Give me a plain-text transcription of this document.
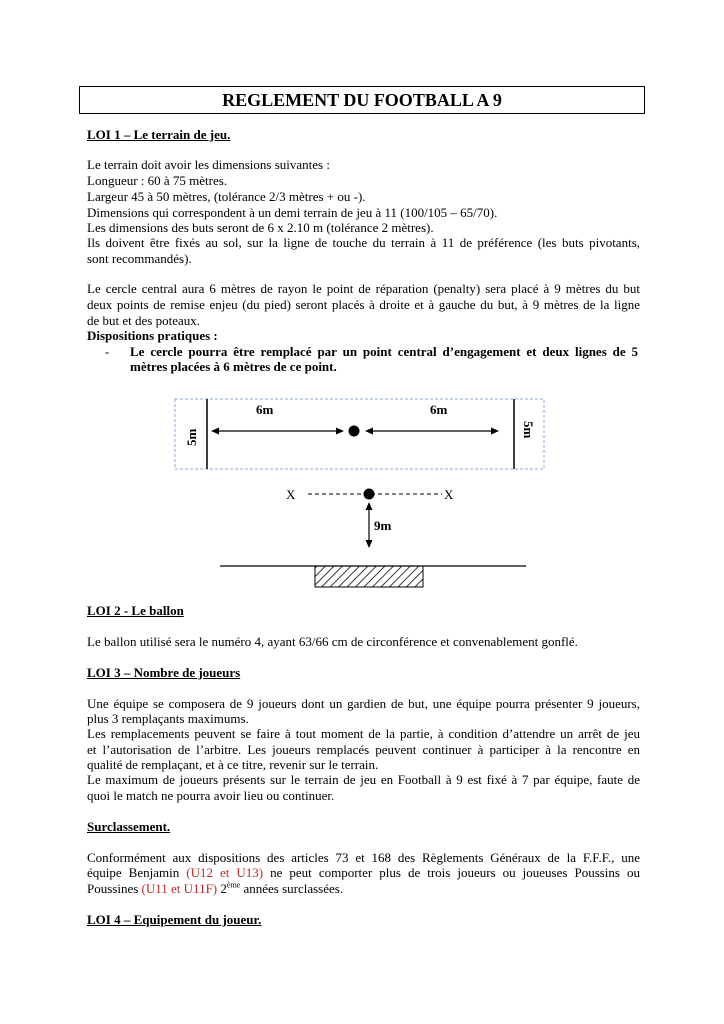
REGLEMENT DU FOOTBALL A 9
LOI 1 – Le terrain de jeu.
Le terrain doit avoir les dimensions suivantes :
Longueur : 60 à 75 mètres.
Largeur 45 à 50 mètres, (tolérance 2/3 mètres + ou -).
Dimensions qui correspondent à un demi terrain de jeu à 11 (100/105 – 65/70).
Les dimensions des buts seront de 6 x 2.10 m (tolérance 2 mètres).
Ils doivent être fixés au sol, sur la ligne de touche du terrain à 11 de préférence (les buts pivotants,
sont recommandés).
Le cercle central aura 6 mètres de rayon le point de réparation (penalty) sera placé à 9 mètres du but
deux points de remise enjeu (du pied) seront placés à droite et à gauche du but, à 9 mètres de la ligne
de but et des poteaux.
Dispositions pratiques :
- Le cercle pourra être remplacé par un point central d’engagement et deux lignes de 5
mètres placées à 6 mètres de ce point.
6m	6m
5m	5m
X	X
9m
LOI 2 - Le ballon
Le ballon utilisé sera le numéro 4, ayant 63/66 cm de circonférence et convenablement gonflé.
LOI 3 – Nombre de joueurs
Une équipe se composera de 9 joueurs dont un gardien de but, une équipe pourra présenter 9 joueurs,
plus 3 remplaçants maximums.
Les remplacements peuvent se faire à tout moment de la partie, à condition d’attendre un arrêt de jeu
et l’autorisation de l’arbitre. Les joueurs remplacés peuvent continuer à participer à la rencontre en
qualité de remplaçant, et à ce titre, revenir sur le terrain.
Le maximum de joueurs présents sur le terrain de jeu en Football à 9 est fixé à 7 par équipe, faute de
quoi le match ne pourra avoir lieu ou continuer.
Surclassement.
Conformément aux dispositions des articles 73 et 168 des Règlements Généraux de la F.F.F., une
équipe Benjamin (U12 et U13) ne peut comporter plus de trois joueurs ou joueuses Poussins ou
Poussines (U11 et U11F) 2ème années surclassées.
LOI 4 – Equipement du joueur.
